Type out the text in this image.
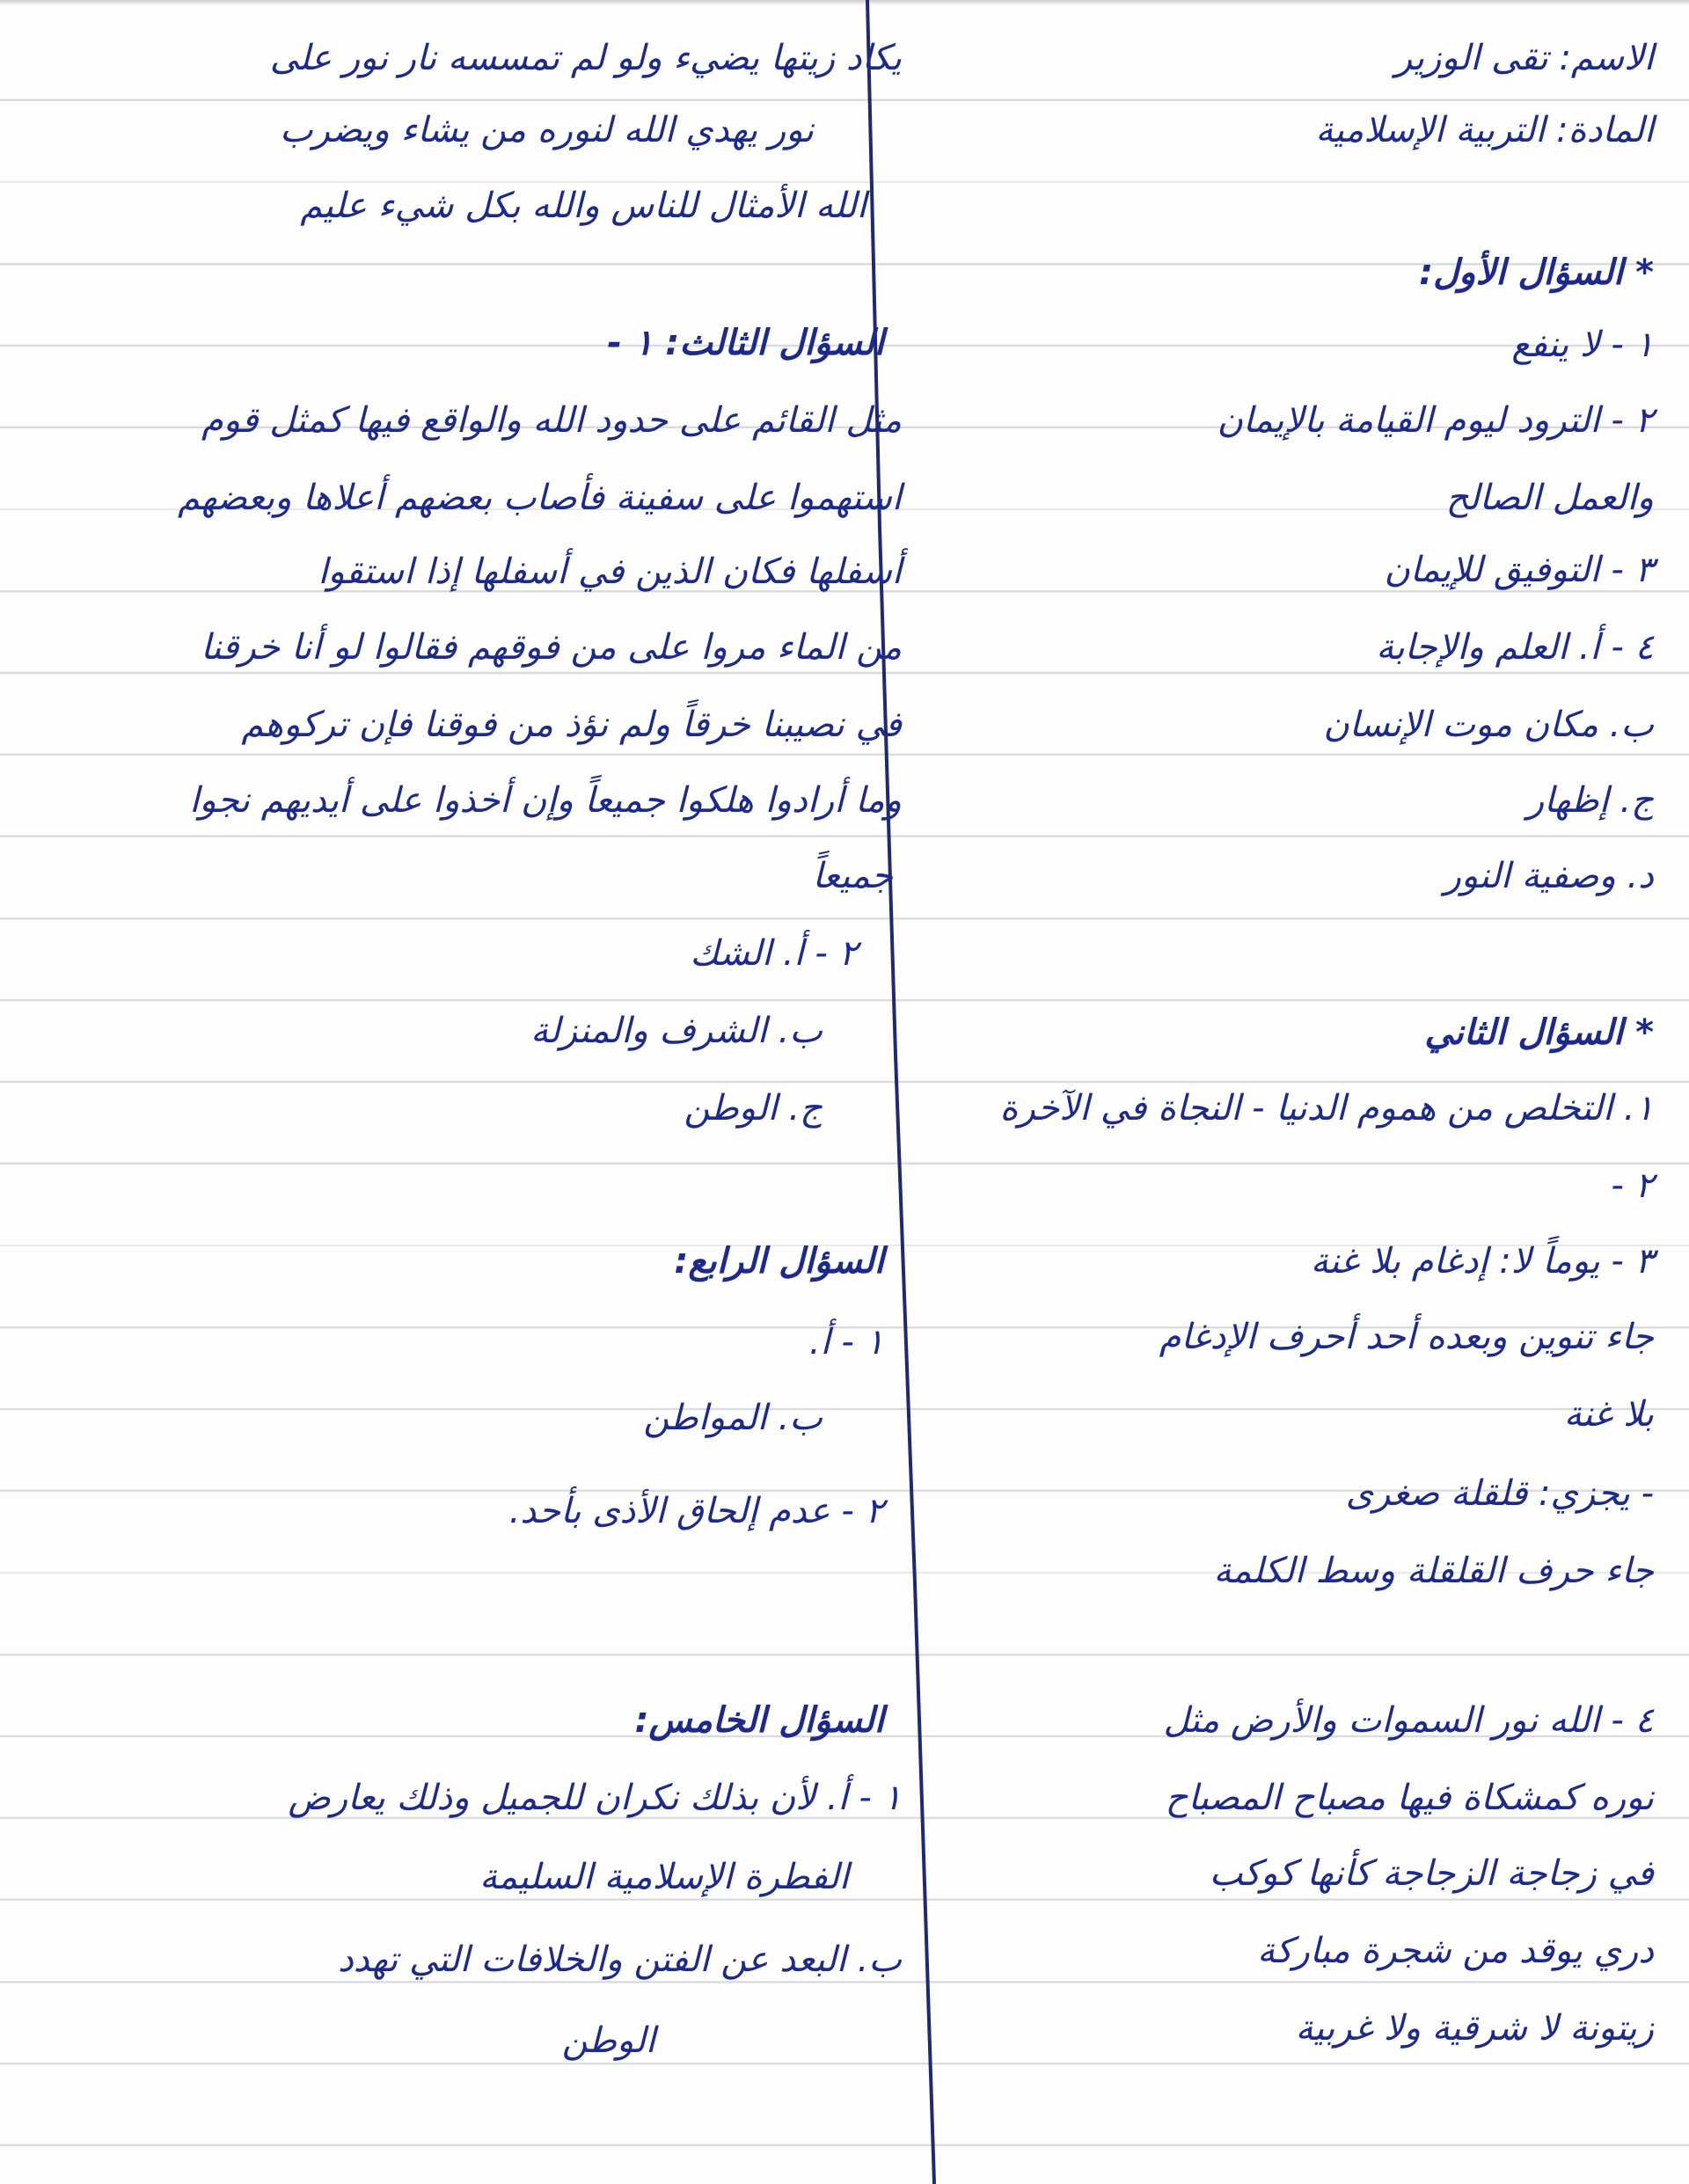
الاسم: تقى الوزير
المادة: التربية الإسلامية
* السؤال الأول:
١ - لا ينفع
٢ - الترود ليوم القيامة بالإيمان
والعمل الصالح
٣ - التوفيق للإيمان
٤ - أ. العلم والإجابة
ب. مكان موت الإنسان
ج. إظهار
د. وصفية النور
* السؤال الثاني
١. التخلص من هموم الدنيا - النجاة في الآخرة
٢ -
٣ - يوماً لا: إدغام بلا غنة
جاء تنوين وبعده أحد أحرف الإدغام
بلا غنة
- يجزي: قلقلة صغرى
جاء حرف القلقلة وسط الكلمة
٤ - الله نور السموات والأرض مثل
نوره كمشكاة فيها مصباح المصباح
في زجاجة الزجاجة كأنها كوكب
دري يوقد من شجرة مباركة
زيتونة لا شرقية ولا غربية
يكاد زيتها يضيء ولو لم تمسسه نار نور على
نور يهدي الله لنوره من يشاء ويضرب
الله الأمثال للناس والله بكل شيء عليم
السؤال الثالث: ١ -
مثل القائم على حدود الله والواقع فيها كمثل قوم
استهموا على سفينة فأصاب بعضهم أعلاها وبعضهم
أسفلها فكان الذين في أسفلها إذا استقوا
من الماء مروا على من فوقهم فقالوا لو أنا خرقنا
في نصيبنا خرقاً ولم نؤذ من فوقنا فإن تركوهم
وما أرادوا هلكوا جميعاً وإن أخذوا على أيديهم نجوا
جميعاً
٢ - أ. الشك
ب. الشرف والمنزلة
ج. الوطن
السؤال الرابع:
١ - أ.
ب. المواطن
٢ - عدم إلحاق الأذى بأحد.
السؤال الخامس:
١ - أ. لأن بذلك نكران للجميل وذلك يعارض
الفطرة الإسلامية السليمة
ب. البعد عن الفتن والخلافات التي تهدد
الوطن
